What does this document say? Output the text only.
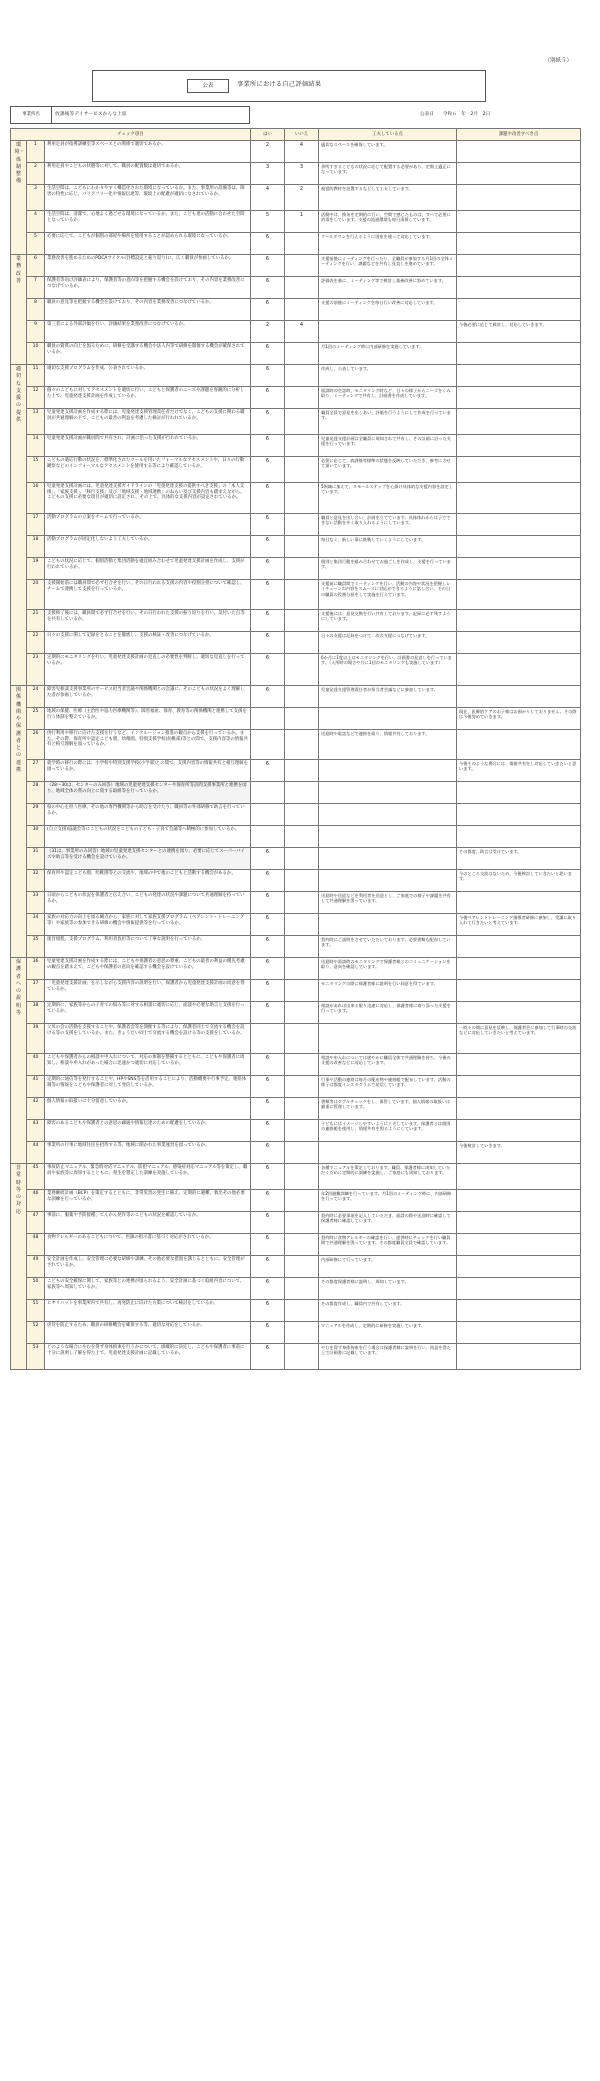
（別紙５）
公表	事業所における自己評価結果
事業所名	放課後等デイサービスかんな上皿	公表日　　令和６　年　2月　2日
チェック項目			はい	いいえ	工夫している点	課題や改善すべき点
環境・体制整備	1	利用定員が指導訓練室等スペースとの関係で適切であるか。	2	4	適切なスペースを確保しています。	
	2	利用定員やこどもの状態等に対して、職員の配置数は適切であるか。	3	3	余所すぎるこどもの状況に応じて配置する必要があり、定数上適正になっています。	
	3	生活空間は、こどもにわかりやすく構造化された環境になっているか。また、事業所の設備等は、障害の特性に応じ、バリアフリー化や情報伝達等、環境上の配慮が適切になされているか。	4	2	視覚的教材を設置するなどして工夫しています。	
	4	生活空間は、清潔で、心地よく過ごせる環境になっているか。また、こども達の活動に合わせた空間となっているか。	5	1	活動中は、換気を定期的に行い、空間で感じたものは、すべて必要に消毒をしています。支援の流通環境も毎日清掃しています。	
	5	必要に応じて、こどもが個別の部屋や場所を使用することが認められる環境になっているか。	6		クールダウンを行えるように別室を使って対応しています。	
業務改善	6	業務改善を進めるためのPDCAサイクル(目標設定と振り返り)に、広く職員が参画しているか。	6		支援前後にミーティングを行ったり、全職員が参加する月1回の全体ミーティングを行い、課題などを共有し見直しを進めています。	
	7	保護者等向け評価表により、保護者等の意向等を把握する機会を設けており、その内容を業務改善につなげているか。	6		評価表を基に、ミーティング等で検討し業務改善に努めています。	
	8	職員の意見等を把握する機会を設けており、その内容を業務改善につなげているか。	6		支援の前後にミーティングを毎日行い改善に対応しています。	
	9	第三者による外部評価を行い、評価結果を業務改善につなげているか。	2	4		今後必要に応じて検討し、対応していきます。
	10	職員の資質の向上を図るために、研修を受講する機会や法人内等で研修を開催する機会が確保されているか。	6		月1回のミーティング時に内部研修を実施しています。	
適切な支援の提供	11	適切な支援プログラムを作成、公表されているか。	6		作成し、公表しています。	
	12	個々のこどもに対してアセスメントを適切に行い、こどもと保護者のニーズや課題を客観的に分析した上で、児童発達支援計画を作成しているか。	6		面談時の会話時、モニタリング時など、日々の様子からニーズをくみ取り、ミーティングで共有し、計画書を作成しています。	
	13	児童発達支援計画を作成する際には、児童発達支援管理責任者だけでなく、こどもの支援に関わる職員が共通理解の下で、こどもの最善の利益を考慮した検討が行われているか。	6		職員全員で意見を出しあい、評価を行うようにして作成を行っています。	
	14	児童発達支援計画が職員間で共有され、計画に沿った支援が行われているか。	6		児童発達支援計画は全職員に周知されて共有し、その計画に沿った支援を行っています。	
	15	こどもの適応行動の状況を、標準化されたツールを用いたフォーマルなアセスメントや、日々の行動観察などのインフォーマルなアセスメントを使用する等により確認しているか。	6		必要に応じて、放課後等標準の状態を反映していただき、参考にさせて頂いています。	
	16	児童発達支援計画には、児童発達支援ガイドラインの「児童発達支援の提供すべき支援」の「本人支援」、「家族支援」、「移行支援」及び「地域支援・地域連携」のねらい及び支援内容も踏まえながら、こどもの支援に必要な項目が適切に設定され、その上で、具体的な支援内容が設定されているか。	6		5領域に加えて、スモールステップを心掛け具体的な支援内容を設定しています。	
	17	活動プログラムの立案をチームで行っているか。	6		職員と意見を出し合い、計画を立てています。具体体れからは子でできない活動を多く取り入れるようにしています。	
	18	活動プログラムが固定化しないよう工夫しているか。	6		毎日なく、新しい事に挑戦していくようにしています。	
	19	こどもの状況に応じて、個別活動と集団活動を適宜組み合わせて児童発達支援計画を作成し、支援が行われているか。	6		個別と集団行動を組み合わせてお過ごしを作成し、支援を行っています。	
	20	支援開始前には職員間で必ず打合せを行い、その日行われる支援の内容や役割分担について確認し、チームで連携して支援を行っているか。	6		支援前に職員間でミーティングを行い、活動の内容や状況を把握しレイチェーンの内容をスムーズに対応ができるように話し合い、その日の職員の役割分担をして実施を行えています。	
	21	支援終了後には、職員間で必ず打合せを行い、その日行われた支援の振り返りを行い、気付いた点等を共有しているか。	6		支援後には、意見交換を行い共有しております。記録に必ず残すようにしています。	
	22	日々の支援に関して記録をとることを徹底し、支援の検証・改善につなげているか。	6		日々の支援は記録をつけて、次の支援につなげています。	
	23	定期的にモニタリングを行い、児童発達支援計画の見直しの必要性を判断し、適切な見直しを行っているか。	6		6か月に1度以上はモニタリングを行い、計画書の見直しを行っています。（入所時の場合や月に1回のモニタリングも実施しています）	
関係機関や保護者との連携	24	障害児相談支援事業所のサービス担当者会議や関係機関との会議に、そのこどもの状況をよく理解した者が参画しているか。	6		児童発達支援管理責任者が担当者会議などに参加しています。	
	25	地域の保健、医療（主治医や協力医療機関等）、障害福祉、保育、教育等の関係機関と連携して支援を行う体制を整えているか。				現在、医療的ケアのお子様はお預かりしておりません。その際は今後努めていきます。
	26	併行利用や移行に向けた支援を行うなど、インクルージョン推進の観点から支援を行っているか。また、その際、保育所や認定こども園、幼稚園、特別支援学校(幼稚部)等との間で、支援内容等の情報共有と相互理解を図っているか。			送迎時や電話などで連絡を取り、情報共有しております。	
	27	就学時の移行の際には、小学校や特別支援学校(小学部)との間で、支援内容等の情報共有と相互理解を図っているか。	6			今後そのような場合には、情報共有をし対応していきたいと思います。
	28	（28～30は、センターのみ回答）地域の児童発達支援センターや保育所等訪問支援事業所と連携を図り、地域全体の質の向上に資する取組等を行っているか。				
	29	県の中心を担う医療、その他の専門機関等から助言を受けたり、職員等の外部研修で助言を行っているか。				
	30	(自立支援)協議会等にこどもの状況をこどもの子ども・子育て会議等へ積極的に参加しているか。				
	31	（31は、事業所のみ回答）地域の児童発達支援センターとの連携を図り、必要に応じてスーパーバイズや助言等を受ける機会を設けているか。	6			その都度、助言は受けています。
	32	保育所や認定こども園、幼稚園等との交流や、地域の中で他のこどもと活動する機会があるか。	6			今のところ交流はないため、今後検討していきたいと思います。
	33	日頃からこどもの状況を保護者と伝え合い、こどもの発達の状況や課題について共通理解を持っているか。	6		送迎時や送迎などを利用者を送迎とし、ご家庭での様子や課題を共有して共通理解を図っています。	
	34	家族の対応力の向上を図る観点から、家族に対して家族支援プログラム（ペアレント・トレーニング等）や家族等の参加できる研修の機会や情報提供等を行っているか。	6			今後ペアレントトレーニング指導者研修に参加し、受講に取り入れて行きたいと考えています。
	35	運営規程、支援プログラム、利用者負担等について丁寧な説明を行っているか。	6		契約時にご説明をさせていただいております。必要書類も配布しています。	
保護者への説明等	36	児童発達支援計画を作成する際には、こどもや保護者の意思の尊重、こどもの最善の利益の優先考慮の観点を踏まえて、こどもや保護者の意向を確認する機会を設けているか。	6		送迎時や面談時のモニタリングで保護者様とのコミュニケーションを取り、意向を確認しています。	
	37	「児童発達支援計画」を示しながら支援内容の説明を行い、保護者から児童発達支援計画の同意を得ているか。	6		モニタリングの際に保護者様に説明を行い同意を得ています。	
	38	定期的に、家族等からの子育ての悩み等に対する相談に適切に応じ、面談や必要な助言と支援を行っているか。	6		相談があれば出来る限り迅速に対応し、保護者様に寄り添った支援を行っています。	
	39	父母の会の活動を支援することや、保護者会等を開催する等により、保護者同士で交流する機会を設ける等の支援をしているか。また、きょうだい同士で交流する機会を設ける等の支援をしているか。				一時々の間に意見を反映し、保護者会に参加して行事時の交流などに対応していきたいと考えています。
	40	こどもや保護者からの相談や申入れについて、対応の体制を整備するとともに、こどもや保護者に周知し、相談や申入れがあった場合に迅速かつ適切に対応しているか。	6		相談や申入れについては速やかに職員全体で共通理解を持ち、今後の支援の改善などに対応しています。	
	41	定期的に通信等を発行することや、HPやSNS等を活用することにより、活動概要や行事予定、連絡体制等の情報をこどもや保護者に対して発信しているか。	6		行事や活動の連絡は毎月の配布物や連絡帳で配布しています。活動の様子は都度インスタグラムで発信しています。	
	42	個人情報の取扱いに十分留意しているか。	6		書類等はダブルチェックをし、保管しています。個人情報の取扱いは厳重に管理しています。	
	43	障害のあるこどもや保護者との意思の疎通や情報伝達のための配慮をしているか。	6		子どもにはイメージしやすいように工夫しています。保護者とは個別の連絡帳を使用し、情報共有を図るようにしています。	
	44	事業所の行事に地域住民を招待する等、地域に開かれた事業運営を図っているか。	6			今後検討していきます。
非常時等の対応	45	事故防止マニュアル、緊急時対応マニュアル、防犯マニュアル、感染症対応マニュアル等を策定し、職員や家族等に周知するとともに、発生を想定した訓練を実施しているか。	6		各種マニュアルを策定しております。職員、保護者様に周知していただくために定期的に訓練を実施し、ご家庭にも周知しております。	
	46	業務継続計画（BCP）を策定するとともに、非常災害の発生に備え、定期的に避難、救出その他必要な訓練を行っているか。	6		年2回避難訓練を行っています。月1回のミーティング時に、内部研修を行っています。	
	47	事前に、服薬や予防接種、てんかん発作等のこどもの状況を確認しているか。	6		契約時に必要事項を記入していただき、面談の際や送迎時に確認して保護者様に確認しています。	
	48	食物アレルギーのあるこどもについて、医師の指示書に基づく対応がされているか。	6		契約時に食物アレルギーの確認を行い、提供時にチェックを行い職員間で共通理解を図っています。その都度職員全員で確認しています。	
	49	安全計画を作成し、安全管理に必要な研修や訓練、その他必要な措置を講じるとともに、安全管理がされているか。	6		内部研修にて行っています。	
	50	こどもの安全確保に関して、家族等との連携が図られるよう、安全計画に基づく取組内容について、家族等へ周知しているか。	6		その都度保護者様に説明し、周知しています。	
	51	ヒヤリハットを事業所内で共有し、再発防止に向けた方策について検討をしているか。	6		その都度作成し、職員内で共有しています。	
	52	虐待を防止するため、職員の研修機会を確保する等、適切な対応をしているか。	6		マニュアルを作成し、定期的に研修を実施しています。	
	53	どのような場合にやむを得ず身体拘束を行うかについて、組織的に決定し、こどもや保護者に事前に十分に説明し了解を得た上で、児童発達支援計画に記載しているか。	6		やむを得ず身体拘束を行う場合は保護者様に説明を行い、同意を得た上で計画書に記載しています。	
